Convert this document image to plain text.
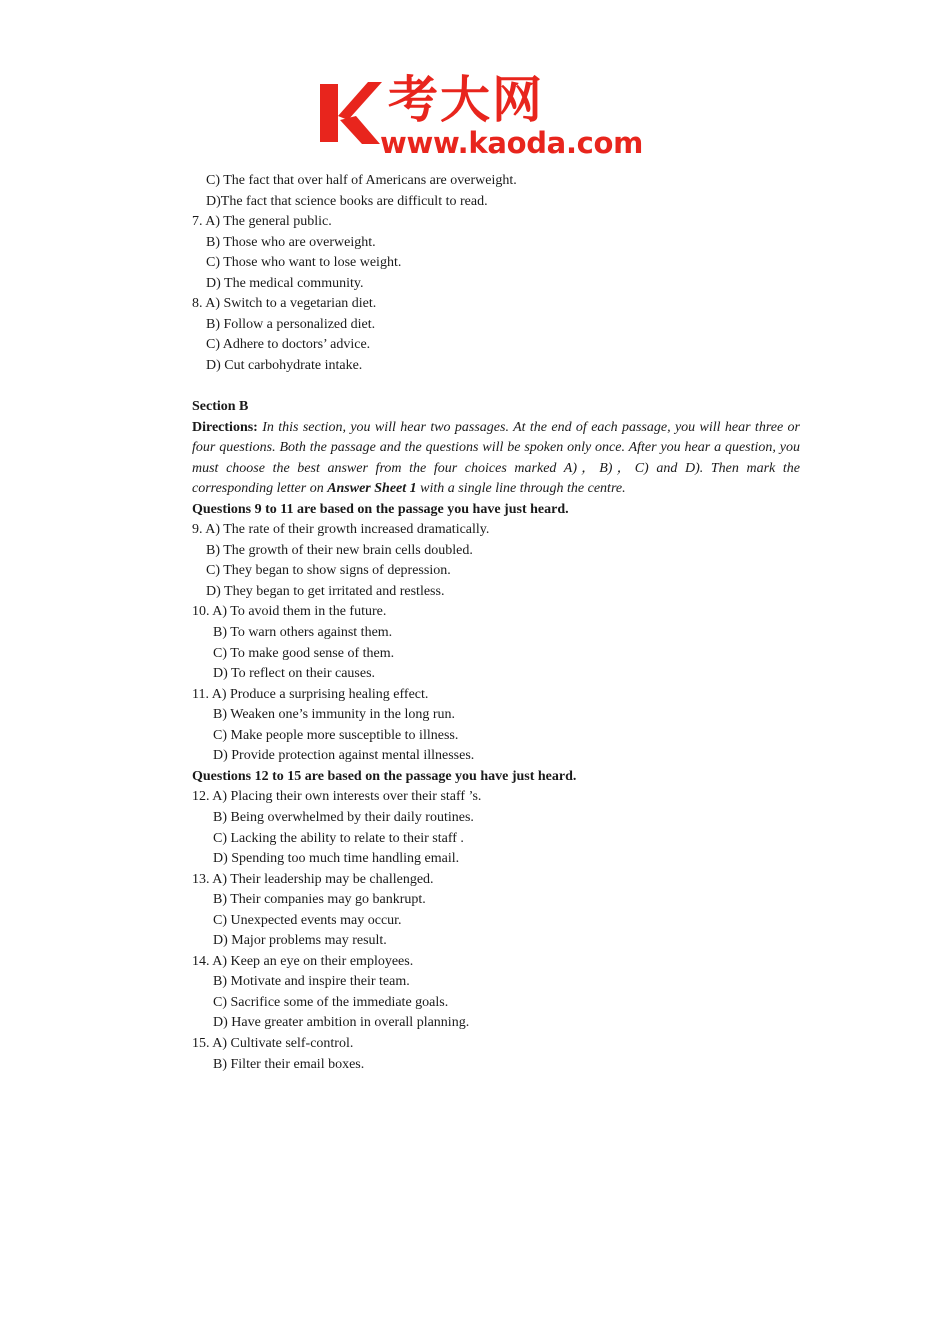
考大网
www.kaoda.com
C) The fact that over half of Americans are overweight.
D)The fact that science books are difficult to read.
7. A) The general public.
B) Those who are overweight.
C) Those who want to lose weight.
D) The medical community.
8. A) Switch to a vegetarian diet.
B) Follow a personalized diet.
C) Adhere to doctors’ advice.
D) Cut carbohydrate intake.
Section B
Directions: In this section, you will hear two passages. At the end of each passage, you will hear three or four questions. Both the passage and the questions will be spoken only once. After you hear a question, you must choose the best answer from the four choices marked A)，B)，C) and D). Then mark the corresponding letter on Answer Sheet 1 with a single line through the centre.
Questions 9 to 11 are based on the passage you have just heard.
9. A) The rate of their growth increased dramatically.
B) The growth of their new brain cells doubled.
C) They began to show signs of depression.
D) They began to get irritated and restless.
10. A) To avoid them in the future.
B) To warn others against them.
C) To make good sense of them.
D) To reflect on their causes.
11. A) Produce a surprising healing effect.
B) Weaken one’s immunity in the long run.
C) Make people more susceptible to illness.
D) Provide protection against mental illnesses.
Questions 12 to 15 are based on the passage you have just heard.
12. A) Placing their own interests over their staff ’s.
B) Being overwhelmed by their daily routines.
C) Lacking the ability to relate to their staff .
D) Spending too much time handling email.
13. A) Their leadership may be challenged.
B) Their companies may go bankrupt.
C) Unexpected events may occur.
D) Major problems may result.
14. A) Keep an eye on their employees.
B) Motivate and inspire their team.
C) Sacrifice some of the immediate goals.
D) Have greater ambition in overall planning.
15. A) Cultivate self-control.
B) Filter their email boxes.
